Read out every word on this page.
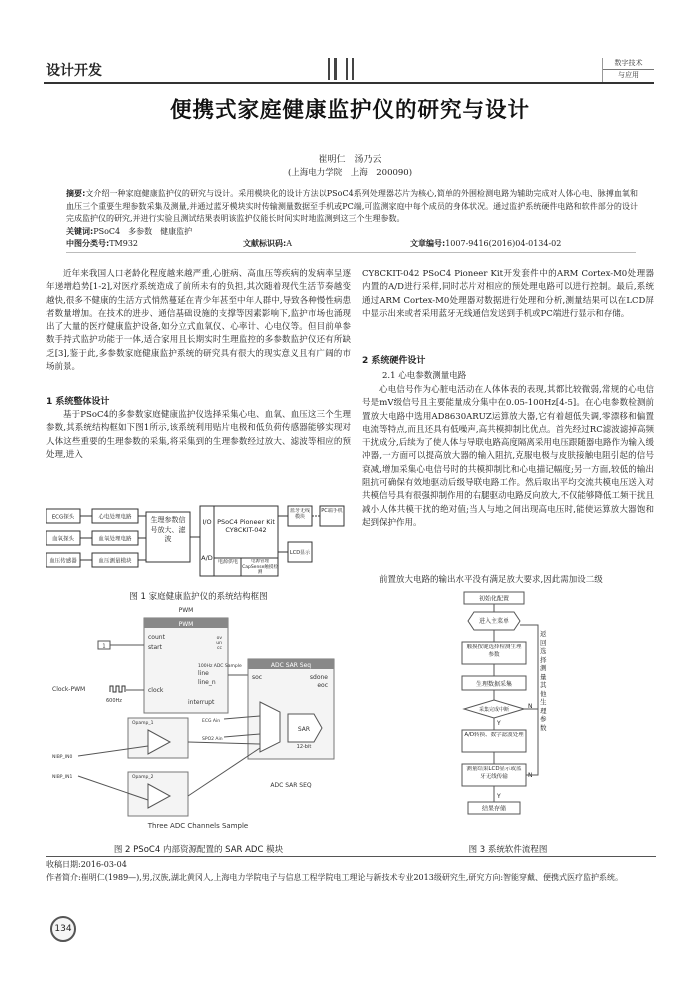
设计开发	数字技术
与应用
便携式家庭健康监护仪的研究与设计
崔明仁　汤乃云
(上海电力学院　上海　200090)
摘要:文介绍一种家庭健康监护仪的研究与设计。采用模块化的设计方法以PSoC4系列处理器芯片为核心,简单的外围检测电路为辅助完成对人体心电、脉搏血氧和血压三个重要生理参数采集及测量,并通过蓝牙模块实时传输测量数据至手机或PC端,可监测家庭中每个成员的身体状况。通过监护系统硬件电路和软件部分的设计完成监护仪的研究,并进行实验且测试结果表明该监护仪能长时间实时地监测到这三个生理参数。
关键词:PSoC4　多参数　健康监护
中图分类号:TM932	文献标识码:A	文章编号:1007-9416(2016)04-0134-02
近年来我国人口老龄化程度越来越严重,心脏病、高血压等疾病的发病率呈逐年递增趋势[1-2],对医疗系统造成了前所未有的负担,其次随着现代生活节奏越变越快,很多不健康的生活方式悄然蔓延在青少年甚至中年人群中,导致各种慢性病患者数量增加。在技术的进步、通信基础设施的支撑等因素影响下,监护市场也涌现出了大量的医疗健康监护设备,如分立式血氧仪、心率计、心电仪等。但目前单参数手持式监护功能于一体,适合家用且长期实时生理监控的多参数监护仪还有所缺乏[3],鉴于此,多参数家庭健康监护系统的研究具有很大的现实意义且有广阔的市场前景。
1 系统整体设计
基于PSoC4的多参数家庭健康监护仪选择采集心电、血氧、血压这三个生理参数,其系统结构框如下图1所示,该系统利用贴片电极和低负荷传感器能够实现对人体这些重要的生理参数的采集,将采集到的生理参数经过放大、滤波等相应的预处理,进入
ECG探头
血氧探头
血压传感器
心电处理电路
血氧处理电路
血压测量模块
生理参数信号放大、滤波
I/O
A/D
PSoC4 Pioneer Kit CY8CKIT-042
电源供电	电源管理 CapSense触摸检测
蓝牙无线模块
PC端手机
LCD显示
图 1 家庭健康监护仪的系统结构框图
PWM
PWM
count
start
ov
un
cc
line
line_n
clock
interrupt
1
Clock-PWM
600Hz
100Hz ADC Sample	ADC SAR Seq
soc	sdone
eoc
ECG Ain
SPO2 Ain
SAR
12-bit
ADC SAR SEQ
Opamp_1
Opamp_2
NIBP_IN0
NIBP_IN1
Three ADC Channels Sample
图 2 PSoC4 内部资源配置的 SAR ADC 模块
CY8CKIT-042 PSoC4 Pioneer Kit开发套件中的ARM Cortex-M0处理器内置的A/D进行采样,同时芯片对相应的预处理电路可以进行控制。最后,系统通过ARM Cortex-M0处理器对数据进行处理和分析,测量结果可以在LCD屏中显示出来或者采用蓝牙无线通信发送到手机或PC端进行显示和存储。
2 系统硬件设计
2.1 心电参数测量电路
心电信号作为心脏电活动在人体体表的表现,其都比较微弱,常规的心电信号是mV级信号且主要能量成分集中在0.05-100Hz[4-5]。在心电参数检测前置放大电路中选用AD8630ARUZ运算放大器,它有着超低失调,零漂移和偏置电流等特点,而且还具有低噪声,高共模抑制比优点。首先经过RC滤波滤掉高频干扰成分,后续为了使人体与导联电路高度隔离采用电压跟随器电路作为输入缓冲器,一方面可以提高放大器的输入阻抗,克服电极与皮肤接触电阻引起的信号衰减,增加采集心电信号时的共模抑制比和心电描记幅度;另一方面,较低的输出阻抗可确保有效地驱动后级导联电路工作。然后取出平均交流共模电压送入对共模信号具有很强抑制作用的右腿驱动电路反向放大,不仅能够降低工频干扰且减小人体共模干扰的绝对值;当人与地之间出现高电压时,能使运算放大器饱和起到保护作用。
前置放大电路的输出水平没有满足放大要求,因此需加设二级
初始化配置
进入主菜单
触摸按键选择检测生理参数
生理数据采集
采集完成中断	N
Y
A/D转换、数字滤波处理
测量结果LCD显示或蓝牙无线传输	N
Y
结果存储
返回选择测量其他生理参数
图 3 系统软件流程图
收稿日期:2016-03-04
作者简介:崔明仁(1989—),男,汉族,湖北黄冈人,上海电力学院电子与信息工程学院电工理论与新技术专业2013级研究生,研究方向:智能穿戴、便携式医疗监护系统。
134
